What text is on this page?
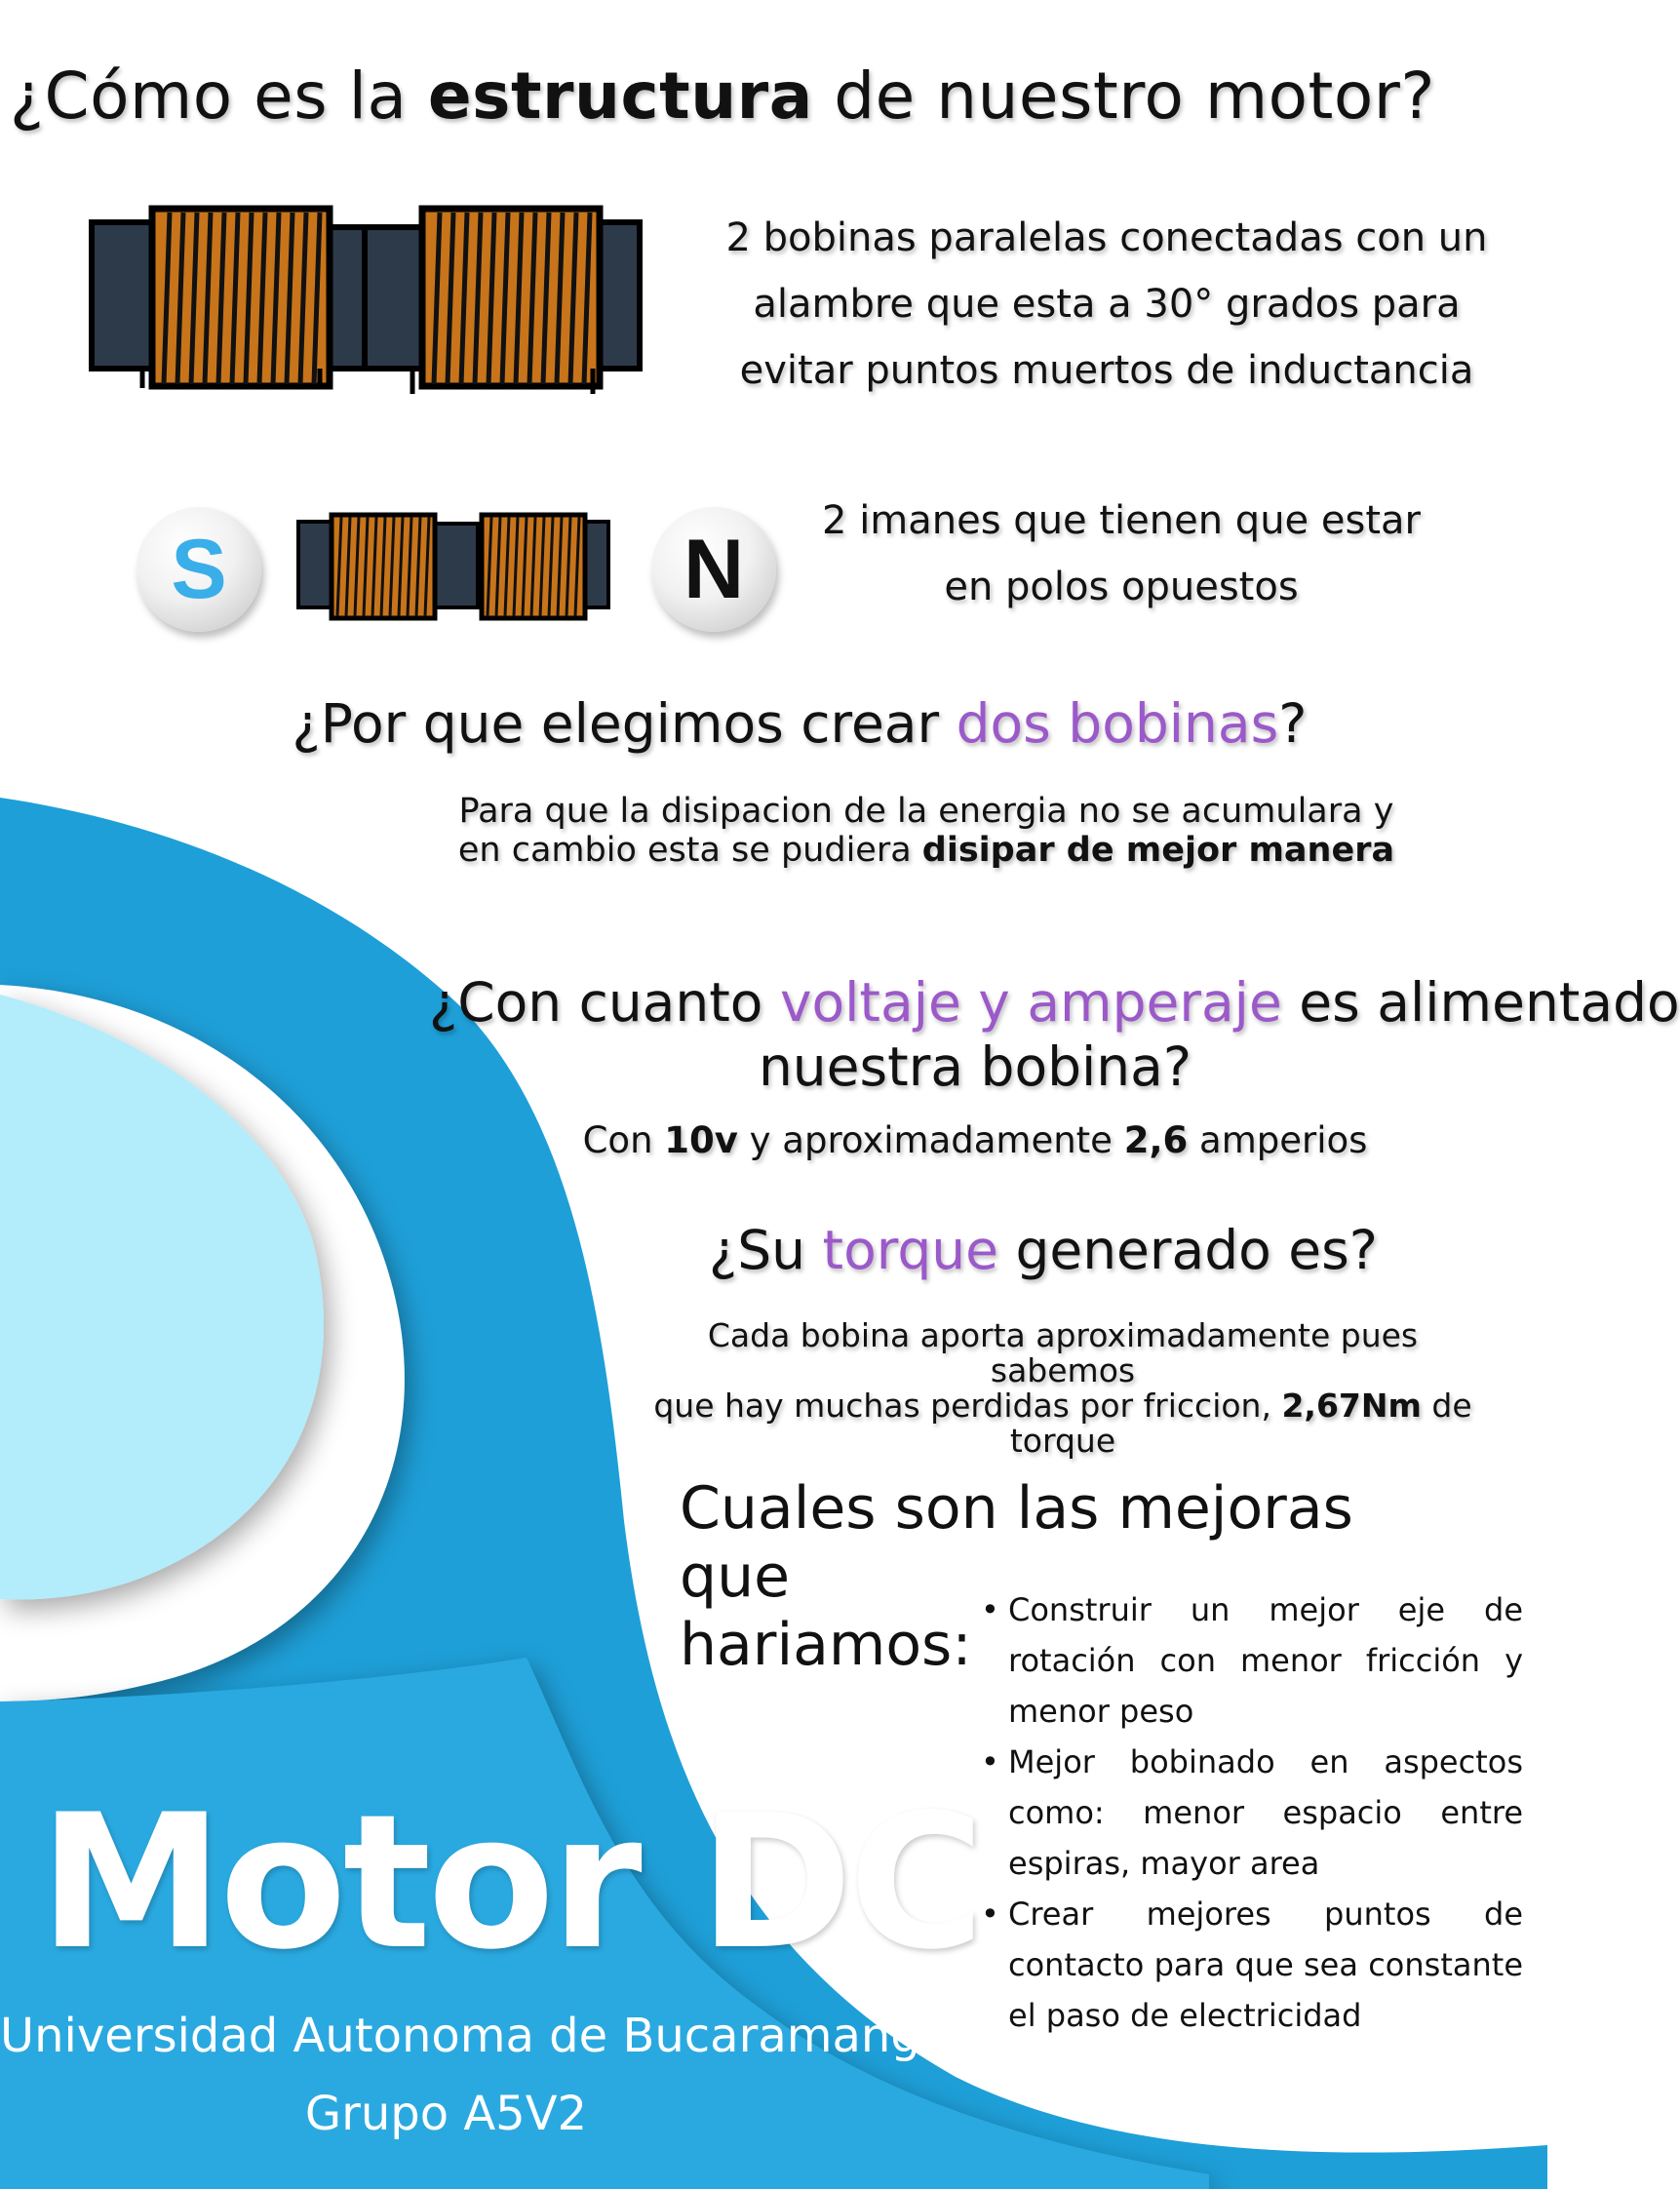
¿Cómo es la estructura de nuestro motor?
2 bobinas paralelas conectadas con un alambre que esta a 30° grados para evitar puntos muertos de inductancia
S	N
2 imanes que tienen que estar
en polos opuestos
¿Por que elegimos crear dos bobinas?
Para que la disipacion de la energia no se acumulara y
en cambio esta se pudiera disipar de mejor manera
¿Con cuanto voltaje y amperaje es alimentado
nuestra bobina?
Con 10v y aproximadamente 2,6 amperios
¿Su torque generado es?
Cada bobina aporta aproximadamente pues sabemos
que hay muchas perdidas por friccion, 2,67Nm de
torque
Cuales son las mejoras que
hariamos:
• Construir un mejor eje de rotación con menor fricción y menor peso
• Mejor bobinado en aspectos como: menor espacio entre espiras, mayor area
• Crear mejores puntos de contacto para que sea constante el paso de electricidad
Motor DC
Universidad Autonoma de Bucaramanga
Grupo A5V2
